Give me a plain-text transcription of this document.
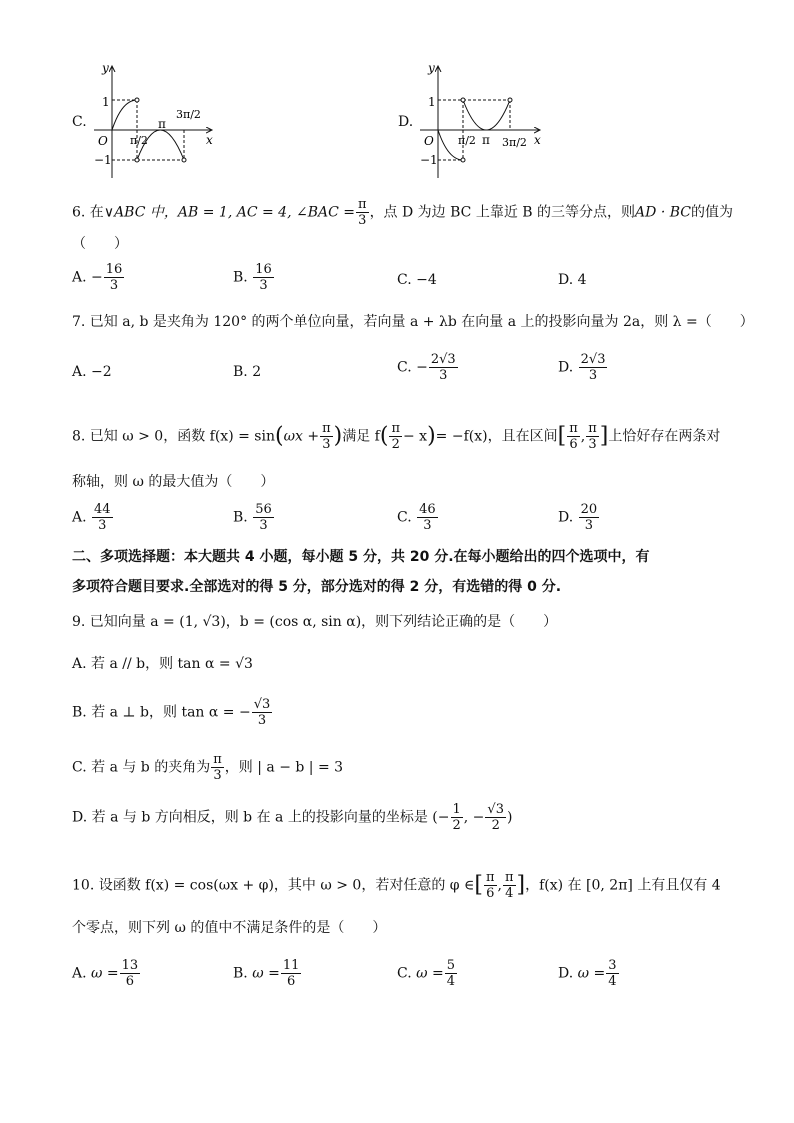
C.
y
x
O
1
−1
π/2
π
3π/2	D.
y
x
O
1
−1
π/2 π 3π/2
6. 在∨ABC 中，AB = 1, AC = 4, ∠BAC = $\frac{\pi}{3}$ ，点 D 为边 BC 上靠近 B 的三等分点，则AD · BC的值为
（　　）
A. − $\frac{16}{3}$	B. $\frac{16}{3}$	C. −4	D. 4
7. 已知 a, b 是夹角为 120° 的两个单位向量，若向量 a + λb 在向量 a 上的投影向量为 2a，则 λ =（　　）
A. −2	B. 2	C. − $\frac{2√3}{3}$	D. $\frac{2√3}{3}$
8. 已知 ω > 0，函数 $f(x) = \sin(\omega x + \frac{\pi}{3}$ )满足 $f( \frac{\pi}{2} - x)= -f(x)$，且在区间[ $\frac{\pi}{6}$ , $\frac{\pi}{3}$ ]上恰好存在两条对
称轴，则 ω 的最大值为（　　）
A. $\frac{44}{3}$	B. $\frac{56}{3}$	C. $\frac{46}{3}$	D. $\frac{20}{3}$
二、多项选择题：本大题共 4 小题，每小题 5 分，共 20 分.在每小题给出的四个选项中，有
多项符合题目要求.全部选对的得 5 分，部分选对的得 2 分，有选错的得 0 分.
9. 已知向量 a = (1, √3)，b = (cos α, sin α)，则下列结论正确的是（　　）
A. 若 a // b，则 tan α = √3
B. 若 a ⊥ b，则 tan α = − $\frac{√3}{3}$
C. 若 a 与 b 的夹角为 $\frac{\pi}{3}$ ，则 | a − b | = 3
D. 若 a 与 b 方向相反，则 b 在 a 上的投影向量的坐标是 (− $\frac{1}{2}$ , − $\frac{√3}{2}$ )
10. 设函数 f(x) = cos(ωx + φ)，其中 ω > 0，若对任意的 φ ∈[ $\frac{\pi}{6}$ , $\frac{\pi}{4}$ ]，f(x) 在 [0, 2π] 上有且仅有 4
个零点，则下列 ω 的值中不满足条件的是（　　）
A. $\omega = \frac{13}{6}$	B. $\omega = \frac{11}{6}$	C. $\omega = \frac{5}{4}$	D. $\omega = \frac{3}{4}$
